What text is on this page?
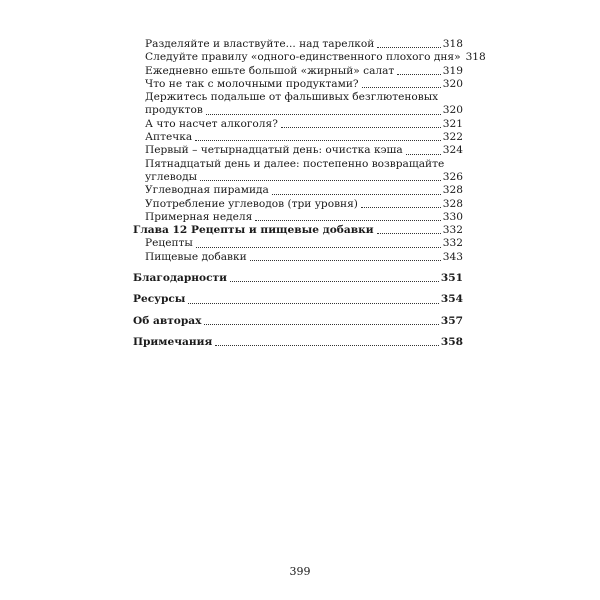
Разделяйте и властвуйте... над тарелкой	318
Следуйте правилу «одного-единственного плохого дня» 318
Ежедневно ешьте большой «жирный» салат	319
Что не так с молочными продуктами?	320
Держитесь подальше от фальшивых безглютеновых
продуктов	320
А что насчет алкоголя?	321
Аптечка	322
Первый – четырнадцатый день: очистка кэша	324
Пятнадцатый день и далее: постепенно возвращайте
углеводы	326
Углеводная пирамида	328
Употребление углеводов (три уровня)	328
Примерная неделя	330
Глава 12 Рецепты и пищевые добавки	332
Рецепты	332
Пищевые добавки	343
Благодарности	351
Ресурсы	354
Об авторах	357
Примечания	358
399
